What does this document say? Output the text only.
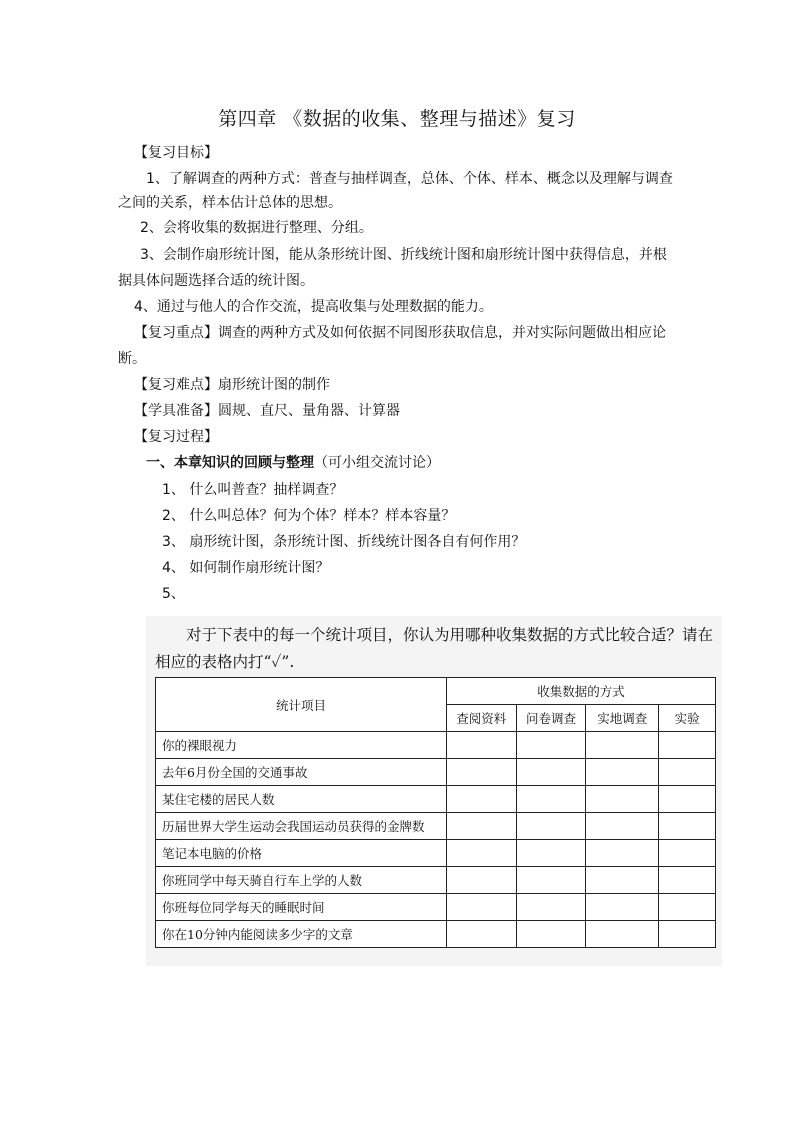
第四章 《数据的收集、整理与描述》复习
【复习目标】
1、了解调查的两种方式：普查与抽样调查，总体、个体、样本、概念以及理解与调查
之间的关系，样本估计总体的思想。
2、会将收集的数据进行整理、分组。
3、会制作扇形统计图，能从条形统计图、折线统计图和扇形统计图中获得信息，并根
据具体问题选择合适的统计图。
4、通过与他人的合作交流，提高收集与处理数据的能力。
【复习重点】调查的两种方式及如何依据不同图形获取信息，并对实际问题做出相应论
断。
【复习难点】扇形统计图的制作
【学具准备】圆规、直尺、量角器、计算器
【复习过程】
一、本章知识的回顾与整理（可小组交流讨论）
1、 什么叫普查？抽样调查？
2、 什么叫总体？何为个体？样本？样本容量？
3、 扇形统计图，条形统计图、折线统计图各自有何作用？
4、 如何制作扇形统计图？
5、
对于下表中的每一个统计项目，你认为用哪种收集数据的方式比较合适？请在
相应的表格内打“✓”.
统计项目	收集数据的方式			
	查阅资料	问卷调查	实地调查	实验
你的裸眼视力				
去年6月份全国的交通事故				
某住宅楼的居民人数				
历届世界大学生运动会我国运动员获得的金牌数				
笔记本电脑的价格				
你班同学中每天骑自行车上学的人数				
你班每位同学每天的睡眠时间				
你在10分钟内能阅读多少字的文章				
